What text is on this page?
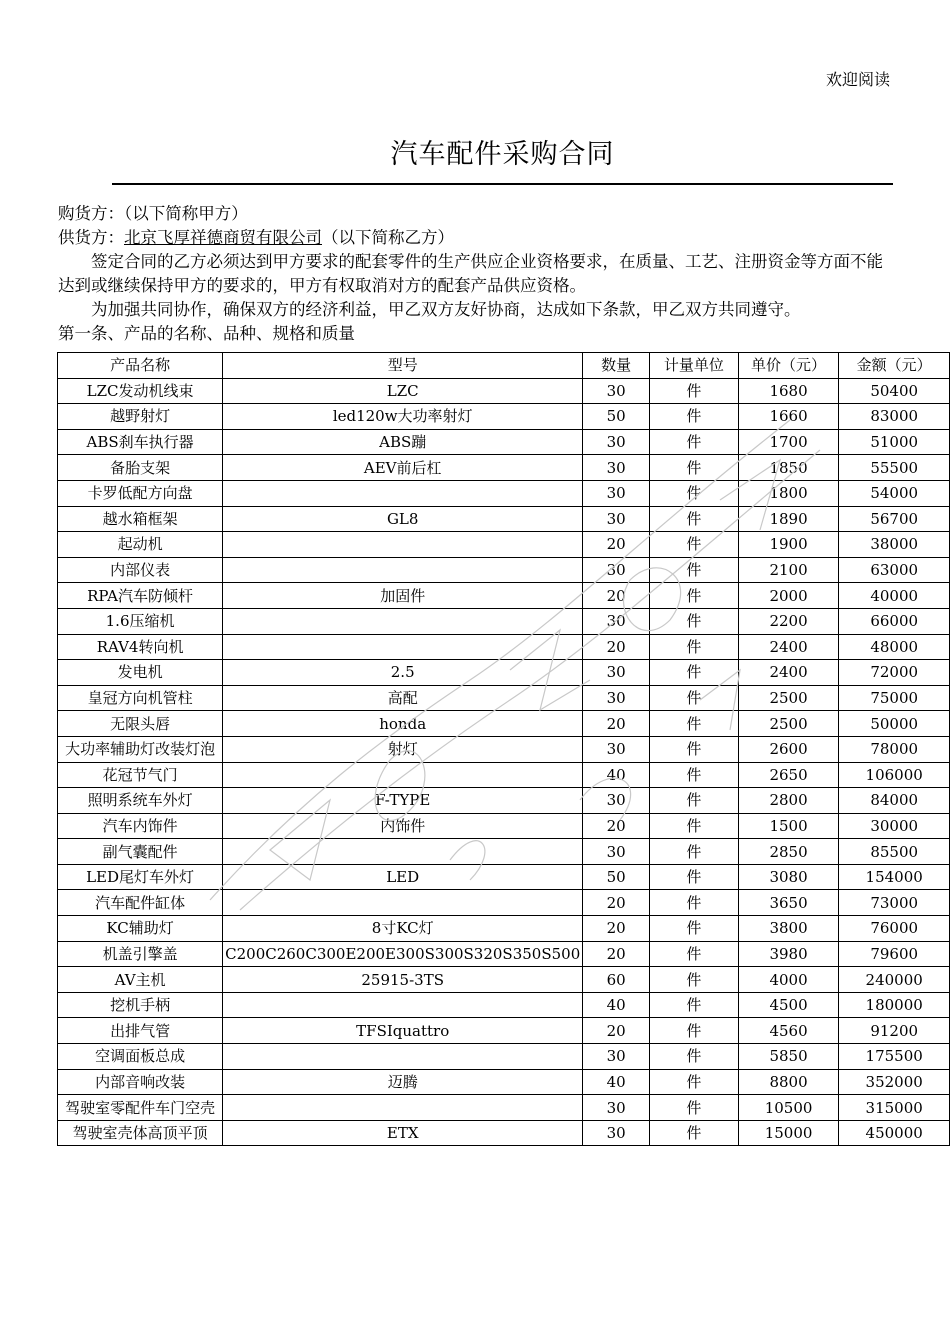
欢迎阅读
汽车配件采购合同

购货方：（以下简称甲方）

供货方：北京飞厚祥德商贸有限公司（以下简称乙方）

签定合同的乙方必须达到甲方要求的配套零件的生产供应企业资格要求，在质量、工艺、注册资金等方面不能达到或继续保持甲方的要求的，甲方有权取消对方的配套产品供应资格。

为加强共同协作，确保双方的经济利益，甲乙双方友好协商，达成如下条款，甲乙双方共同遵守。

第一条、产品的名称、品种、规格和质量

产品名称	型号	数量	计量单位	单价（元）	金额（元）
LZC发动机线束	LZC	30	件	1680	50400
越野射灯	led120w大功率射灯	50	件	1660	83000
ABS刹车执行器	ABS蹦	30	件	1700	51000
备胎支架	AEV前后杠	30	件	1850	55500
卡罗低配方向盘		30	件	1800	54000
越水箱框架	GL8	30	件	1890	56700
起动机		20	件	1900	38000
内部仪表		30	件	2100	63000
RPA汽车防倾杆	加固件	20	件	2000	40000
1.6压缩机		30	件	2200	66000
RAV4转向机		20	件	2400	48000
发电机	2.5	30	件	2400	72000
皇冠方向机管柱	高配	30	件	2500	75000
无限头唇	honda	20	件	2500	50000
大功率辅助灯改装灯泡	射灯	30	件	2600	78000
花冠节气门		40	件	2650	106000
照明系统车外灯	F-TYPE	30	件	2800	84000
汽车内饰件	内饰件	20	件	1500	30000
副气囊配件		30	件	2850	85500
LED尾灯车外灯	LED	50	件	3080	154000
汽车配件缸体		20	件	3650	73000
KC辅助灯	8寸KC灯	20	件	3800	76000
机盖引擎盖	C200C260C300E200E300S300S320S350S500	20	件	3980	79600
AV主机	25915-3TS	60	件	4000	240000
挖机手柄		40	件	4500	180000
出排气管	TFSIquattro	20	件	4560	91200
空调面板总成		30	件	5850	175500
内部音响改装	迈腾	40	件	8800	352000
驾驶室零配件车门空壳		30	件	10500	315000
驾驶室壳体高顶平顶	ETX	30	件	15000	450000
